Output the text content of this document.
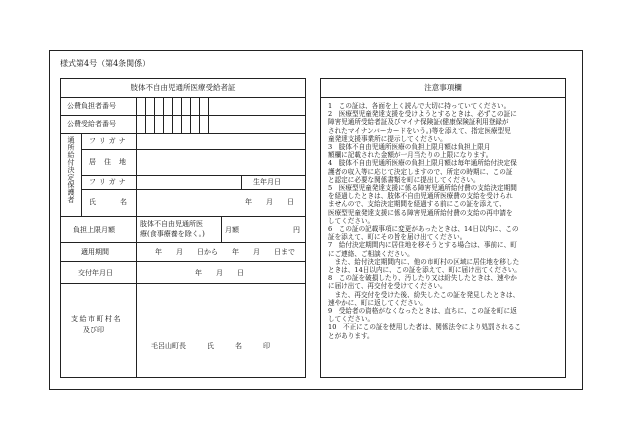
様式第4号（第4条関係）
肢体不自由児通所医療受給者証
公費負担者番号
公費受給者番号
通所給付決定保護者 フリガナ
居住地
フリガナ	生年月日
氏名	年　　月　　日
負担上限月額
肢体不自由児通所医
療(食事療養を除く。)	月額	円
適用期間	年　　月　　日から　　年　　月　　日まで
交付年月日	年　　月　　日
支給市町村名
及び印
毛呂山町長　　　氏　　　名　　　印
注意事項欄

1　この証は、各面を上く読んで大切に持っていてください。

2　医療型児童発達支援を受けようとするときは、必ずこの証に

障害児通所受給者証及びマイナ保険証(健康保険証利用登録が

されたマイナンバーカードをいう。)等を添えて、指定医療型児

童発達支援事業所に提示してください。

3　肢体不自由児通所医療の負担上限月額は負担上限月

額欄に記載された金額が一月当たりの上限になります。

4　肢体不自由児通所医療の負担上限月額は毎年通所給付決定保

護者の収入等に応じて決定しますので、所定の時期に、この証

と認定に必要な関係書類を町に提出してください。

5　医療型児童発達支援に係る障害児通所給付費の支給決定期間

を経過したときは、肢体不自由児通所医療費の支給を受けられ

ませんので、支給決定期間を経過する前にこの証を添えて、

医療型児童発達支援に係る障害児通所給付費の支給の再申請を

してください。

6　この証の記載事項に変更があったときは、14日以内に、この

証を添えて、町にその旨を届け出てください。

7　給付決定期間内に居住地を移そうとする場合は、事前に、町

にご連絡、ご相談ください。

　また、給付決定期間内に、他の市町村の区域に居住地を移した

ときは、14日以内に、この証を添えて、町に届け出てください。

8　この証を破損したり、汚したり又は紛失したときは、速やか

に届け出て、再交付を受けてください。

　また、再交付を受けた後、紛失したこの証を発見したときは、

速やかに、町に返してください。

9　受給者の資格がなくなったときは、直ちに、この証を町に返

してください。

10　不正にこの証を使用した者は、関係法令により処罰されるこ

とがあります。
